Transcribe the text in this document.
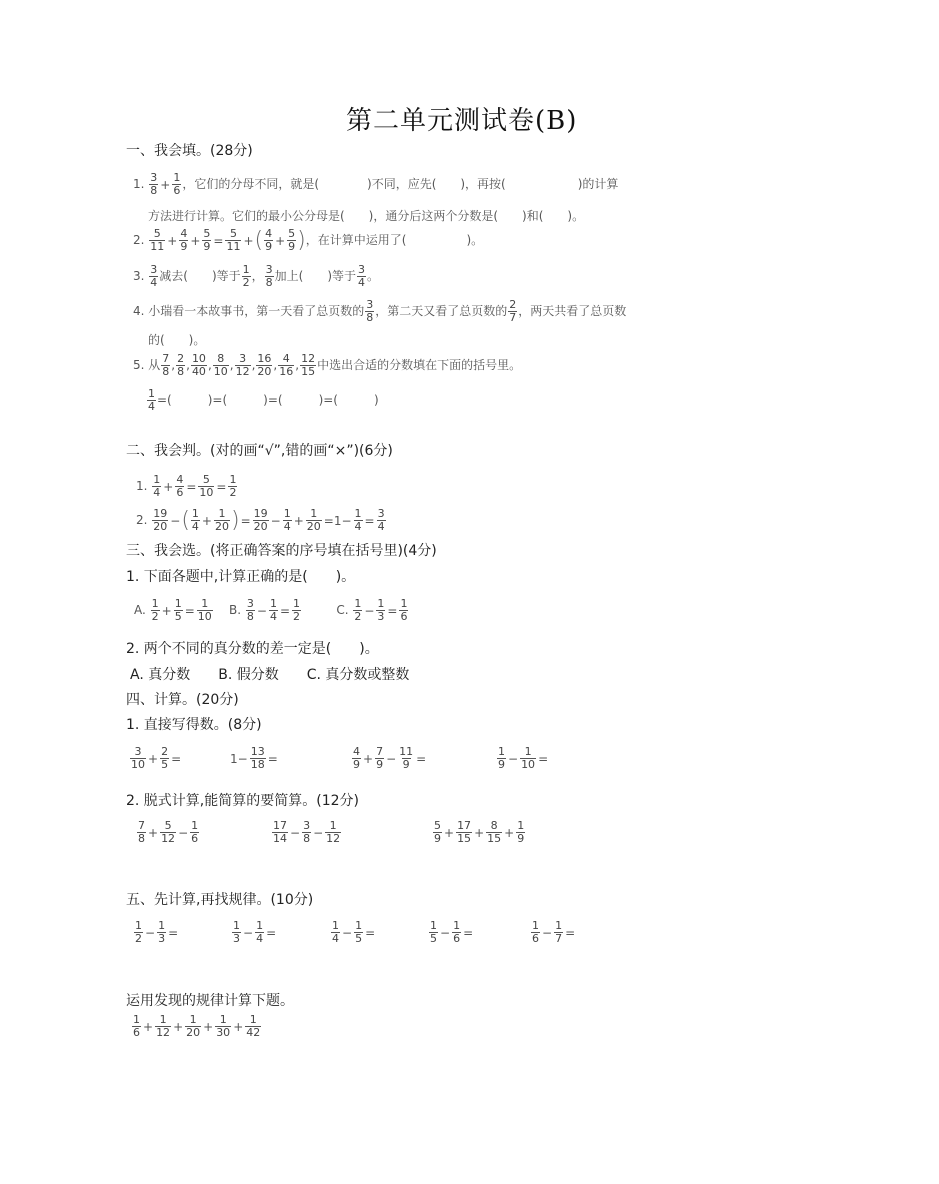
第二单元测试卷(B)
一、我会填。(28分)
1. $\frac{3}{8} + \frac{1}{6}$ ，它们的分母不同，就是(　　　　)不同，应先(　　)，再按(　　　　　　)的计算
方法进行计算。它们的最小公分母是(　　)，通分后这两个分数是(　　)和(　　)。
2. $\frac{5}{11} + \frac{4}{9} + \frac{5}{9} = \frac{5}{11}$ +( $\frac{4}{9} + \frac{5}{9}$ )，在计算中运用了(　　　　　)。
3. $\frac{3}{4}$ 减去(　　)等于 $\frac{1}{2}$ ， $\frac{3}{8}$ 加上(　　)等于 $\frac{3}{4}$ 。
4. 小瑞看一本故事书，第一天看了总页数的 $\frac{3}{8}$ ，第二天又看了总页数的 $\frac{2}{7}$ ，两天共看了总页数
的(　　)。
5. 从 $\frac{7}{8}$ , $\frac{2}{8}$ , $\frac{10}{40}$ , $\frac{8}{10}$ , $\frac{3}{12}$ , $\frac{16}{20}$ , $\frac{4}{16}$ , $\frac{12}{15}$ 中选出合适的分数填在下面的括号里。
$\frac{1}{4}$ =(　　　)=(　　　)=(　　　)=(　　　)
二、我会判。(对的画“√”,错的画“×”)(6分)
1. $\frac{1}{4} + \frac{4}{6} = \frac{5}{10} = \frac{1}{2}$
2. $\frac{19}{20}$ −( $\frac{1}{4} + \frac{1}{20}$ )= $\frac{19}{20} - \frac{1}{4} + \frac{1}{20} =1- \frac{1}{4} = \frac{3}{4}$
三、我会选。(将正确答案的序号填在括号里)(4分)
1. 下面各题中,计算正确的是(　　)。
A. $\frac{1}{2} + \frac{1}{5} = \frac{1}{10} B$. $\frac{3}{8} - \frac{1}{4} = \frac{1}{2} C$. $\frac{1}{2} - \frac{1}{3} = \frac{1}{6}$
2. 两个不同的真分数的差一定是(　　)。
A. 真分数　　B. 假分数　　C. 真分数或整数
四、计算。(20分)
1. 直接写得数。(8分)
$\frac{3}{10} + \frac{2}{5}$ =	$1- \frac{13}{18}$ =	$\frac{4}{9} + \frac{7}{9} - \frac{11}{9}$ =	$\frac{1}{9} - \frac{1}{10}$ =
2. 脱式计算,能简算的要简算。(12分)
$\frac{7}{8} + \frac{5}{12} - \frac{1}{6}$	$\frac{17}{14} - \frac{3}{8} - \frac{1}{12}$	$\frac{5}{9} + \frac{17}{15} + \frac{8}{15} + \frac{1}{9}$
五、先计算,再找规律。(10分)
$\frac{1}{2} - \frac{1}{3}$ =	$\frac{1}{3} - \frac{1}{4}$ =	$\frac{1}{4} - \frac{1}{5}$ =	$\frac{1}{5} - \frac{1}{6}$ =	$\frac{1}{6} - \frac{1}{7}$ =
运用发现的规律计算下题。
$\frac{1}{6} + \frac{1}{12} + \frac{1}{20} + \frac{1}{30} + \frac{1}{42}$
